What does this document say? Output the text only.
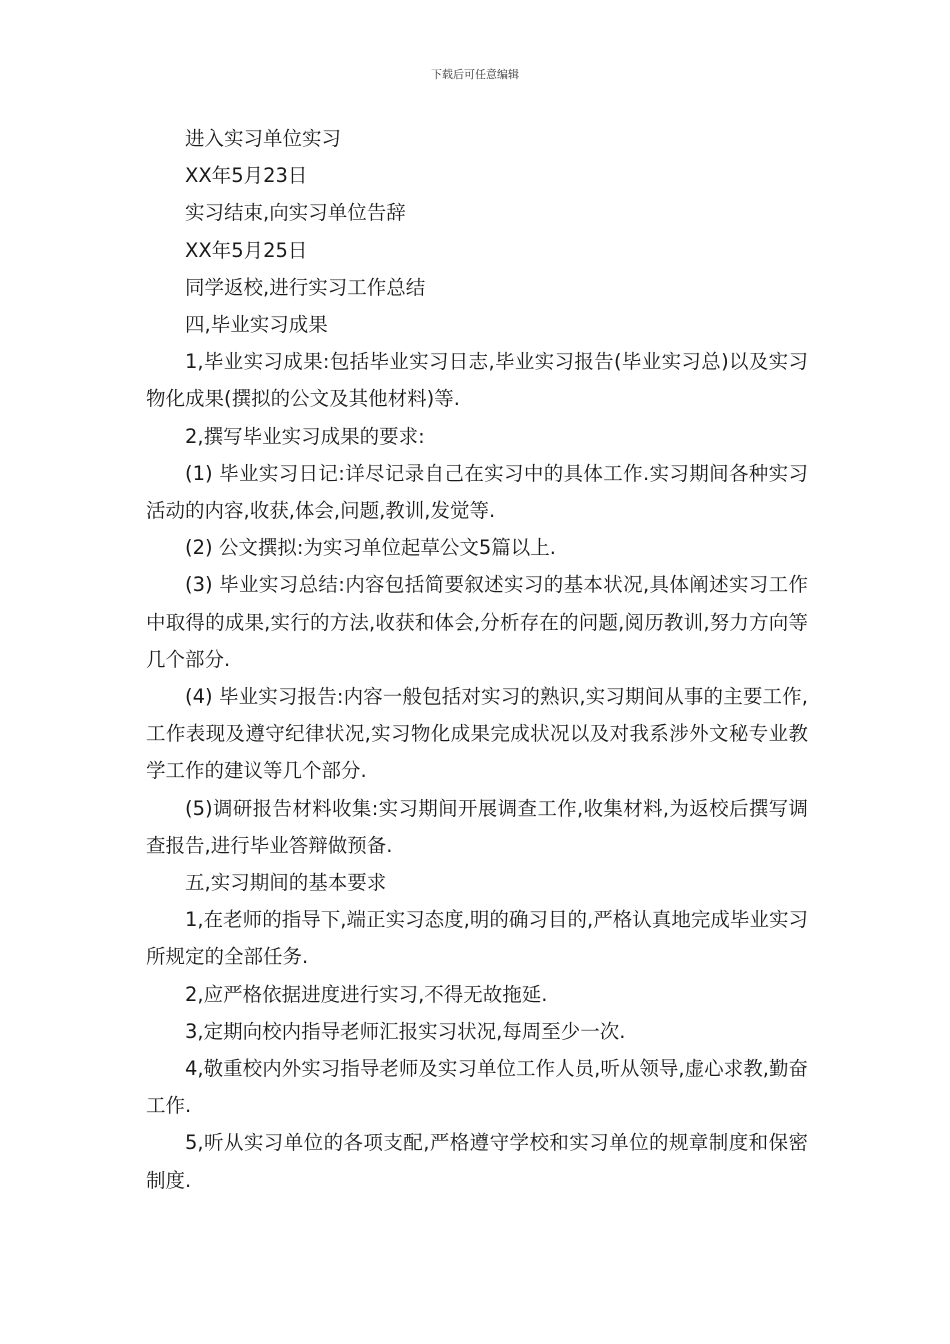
下载后可任意编辑

进入实习单位实习

XX年5月23日

实习结束,向实习单位告辞

XX年5月25日

同学返校,进行实习工作总结

四,毕业实习成果

1,毕业实习成果:包括毕业实习日志,毕业实习报告(毕业实习总)以及实习物化成果(撰拟的公文及其他材料)等.

2,撰写毕业实习成果的要求:

(1) 毕业实习日记:详尽记录自己在实习中的具体工作.实习期间各种实习活动的内容,收获,体会,问题,教训,发觉等.

(2) 公文撰拟:为实习单位起草公文5篇以上.

(3) 毕业实习总结:内容包括简要叙述实习的基本状况,具体阐述实习工作中取得的成果,实行的方法,收获和体会,分析存在的问题,阅历教训,努力方向等几个部分.

(4) 毕业实习报告:内容一般包括对实习的熟识,实习期间从事的主要工作,工作表现及遵守纪律状况,实习物化成果完成状况以及对我系涉外文秘专业教学工作的建议等几个部分.

(5)调研报告材料收集:实习期间开展调查工作,收集材料,为返校后撰写调查报告,进行毕业答辩做预备.

五,实习期间的基本要求

1,在老师的指导下,端正实习态度,明的确习目的,严格认真地完成毕业实习所规定的全部任务.

2,应严格依据进度进行实习,不得无故拖延.

3,定期向校内指导老师汇报实习状况,每周至少一次.

4,敬重校内外实习指导老师及实习单位工作人员,听从领导,虚心求教,勤奋工作.

5,听从实习单位的各项支配,严格遵守学校和实习单位的规章制度和保密制度.
